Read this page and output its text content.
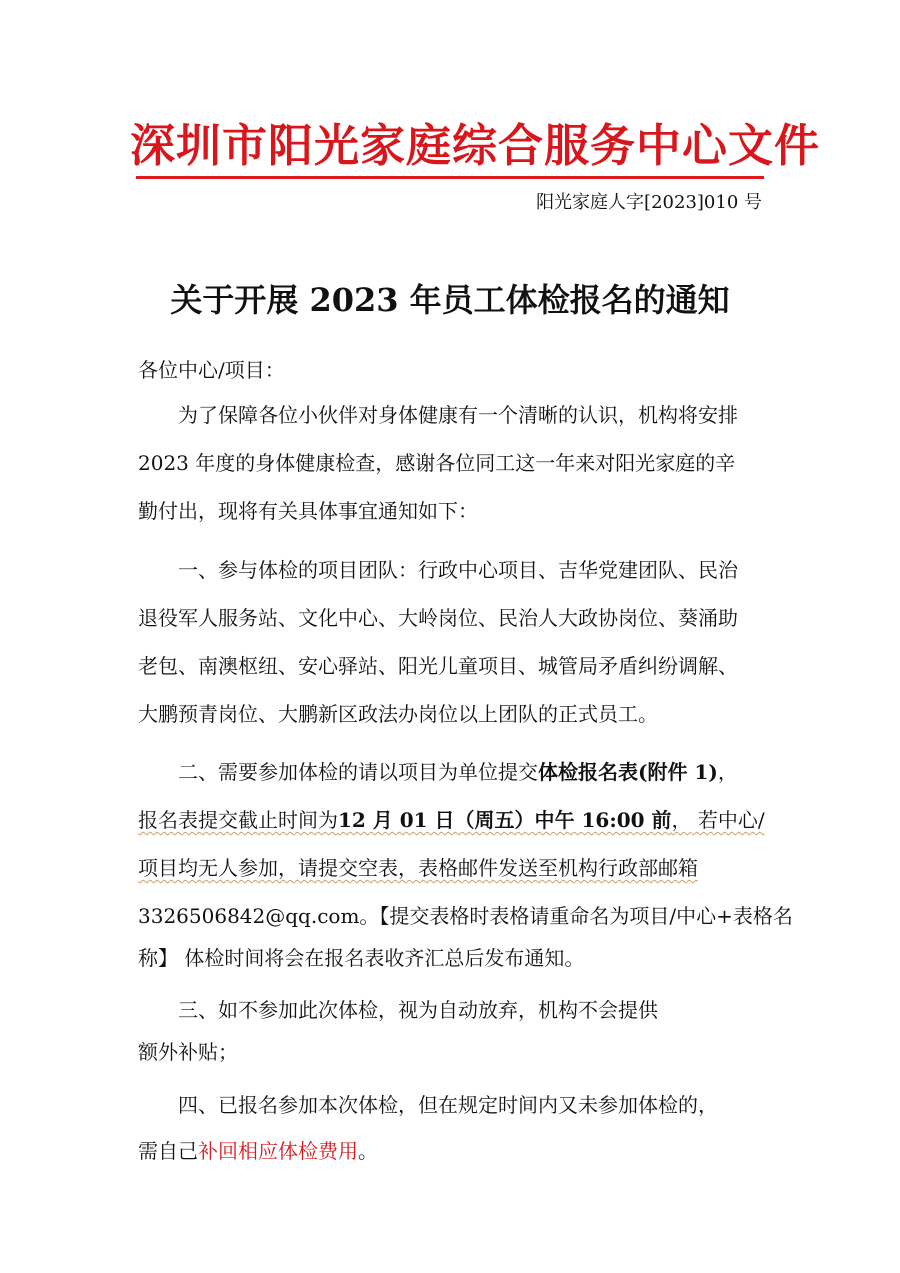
深圳市阳光家庭综合服务中心文件
阳光家庭人字[2023]010 号
关于开展 2023 年员工体检报名的通知
各位中心/项目：
为了保障各位小伙伴对身体健康有一个清晰的认识，机构将安排
2023 年度的身体健康检查，感谢各位同工这一年来对阳光家庭的辛
勤付出，现将有关具体事宜通知如下：
一、参与体检的项目团队：行政中心项目、吉华党建团队、民治
退役军人服务站、文化中心、大岭岗位、民治人大政协岗位、葵涌助
老包、南澳枢纽、安心驿站、阳光儿童项目、城管局矛盾纠纷调解、
大鹏预青岗位、大鹏新区政法办岗位以上团队的正式员工。
二、需要参加体检的请以项目为单位提交体检报名表(附件 1)，
报名表提交截止时间为12 月 01 日（周五）中午 16:00 前， 若中心/
项目均无人参加，请提交空表，表格邮件发送至机构行政部邮箱
3326506842@qq.com。【提交表格时表格请重命名为项目/中心+表格名
称】 体检时间将会在报名表收齐汇总后发布通知。
三、如不参加此次体检，视为自动放弃，机构不会提供
额外补贴；
四、已报名参加本次体检，但在规定时间内又未参加体检的，
需自己补回相应体检费用。
